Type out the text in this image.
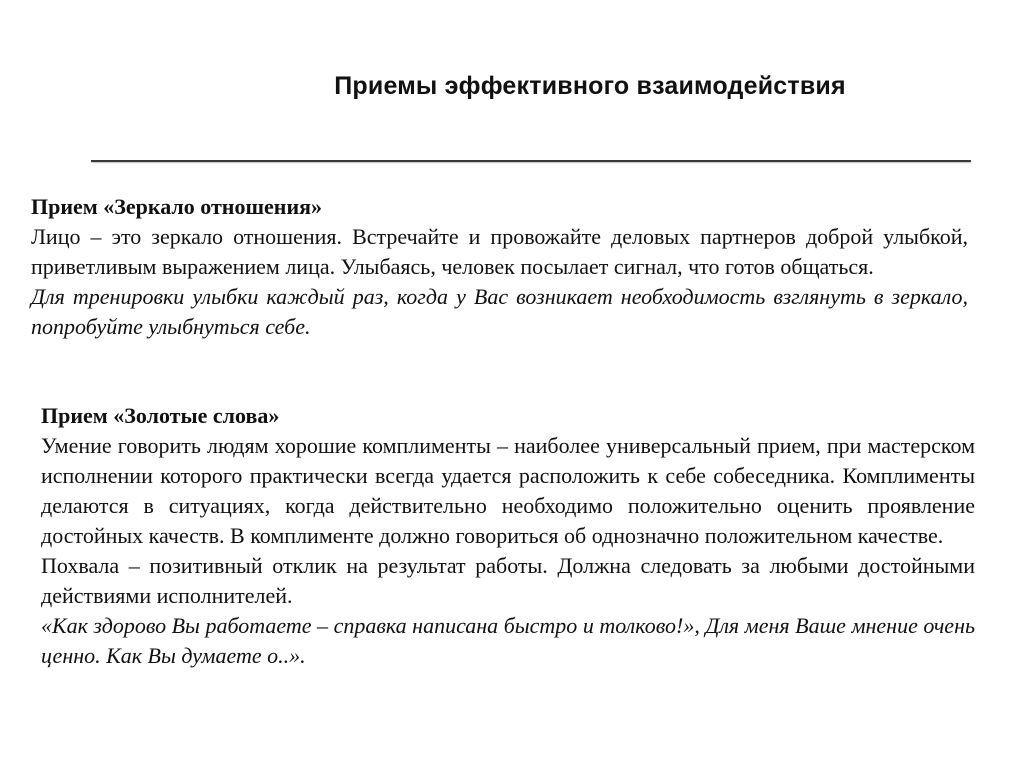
Приемы эффективного взаимодействия

Прием «Зеркало отношения»

Лицо – это зеркало отношения. Встречайте и провожайте деловых партнеров доброй улыбкой, приветливым выражением лица. Улыбаясь, человек посылает сигнал, что готов общаться.

Для тренировки улыбки каждый раз, когда у Вас возникает необходимость взглянуть в зеркало, попробуйте улыбнуться себе.

Прием «Золотые слова»

Умение говорить людям хорошие комплименты – наиболее универсальный прием, при мастерском исполнении которого практически всегда удается расположить к себе собеседника. Комплименты делаются в ситуациях, когда действительно необходимо положительно оценить проявление достойных качеств. В комплименте должно говориться об однозначно положительном качестве.

Похвала – позитивный отклик на результат работы. Должна следовать за любыми достойными действиями исполнителей.

«Как здорово Вы работаете – справка написана быстро и толково!», Для меня Ваше мнение очень ценно. Как Вы думаете о..».
